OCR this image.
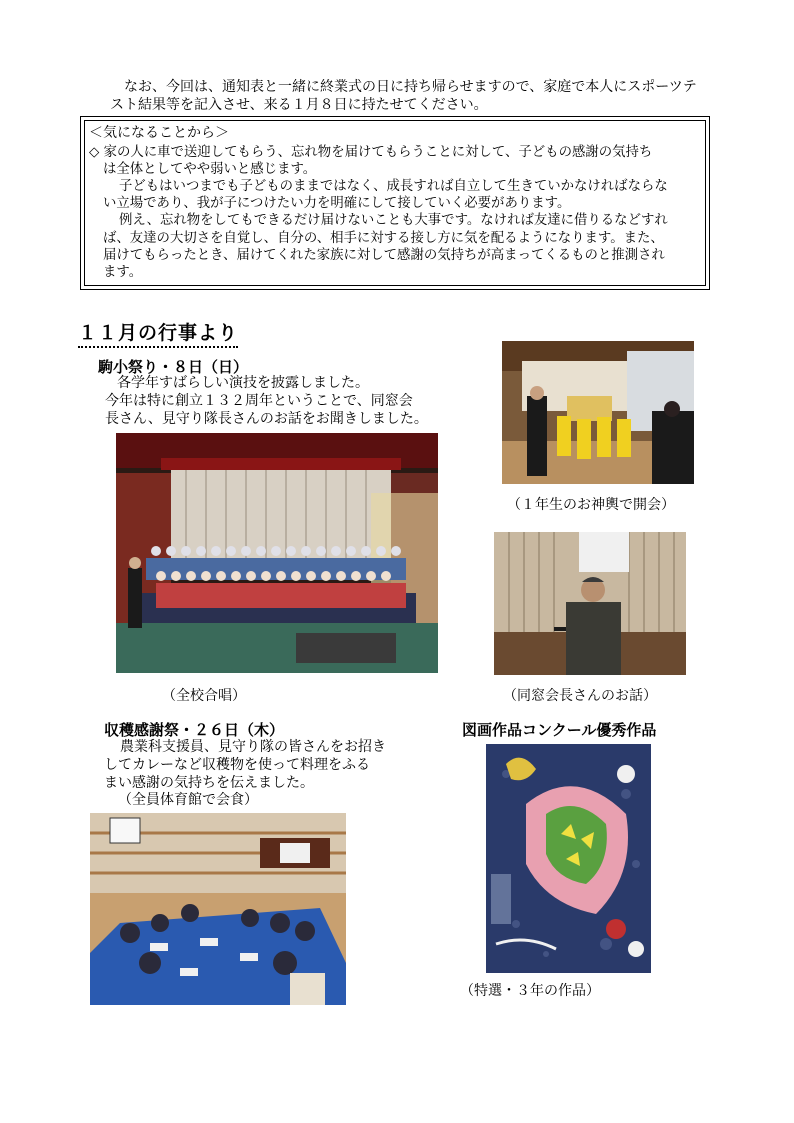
なお、今回は、通知表と一緒に終業式の日に持ち帰らせますので、家庭で本人にスポーツテ
スト結果等を記入させ、来る１月８日に持たせてください。
＜気になることから＞
◇ 家の人に車で送迎してもらう、忘れ物を届けてもらうことに対して、子どもの感謝の気持ち
は全体としてやや弱いと感じます。
子どもはいつまでも子どものままではなく、成長すれば自立して生きていかなければならな
い立場であり、我が子につけたい力を明確にして接していく必要があります。
例え、忘れ物をしてもできるだけ届けないことも大事です。なければ友達に借りるなどすれ
ば、友達の大切さを自覚し、自分の、相手に対する接し方に気を配るようになります。また、
届けてもらったとき、届けてくれた家族に対して感謝の気持ちが高まってくるものと推測され
ます。
１１月の行事より
駒小祭り・８日（日）
各学年すばらしい演技を披露しました。
今年は特に創立１３２周年ということで、同窓会
長さん、見守り隊長さんのお話をお聞きしました。
（全校合唱）
（１年生のお神輿で開会）
（同窓会長さんのお話）
収穫感謝祭・２６日（木）
農業科支援員、見守り隊の皆さんをお招き
してカレーなど収穫物を使って料理をふる
まい感謝の気持ちを伝えました。
（全員体育館で会食）
図画作品コンクール優秀作品
（特選・３年の作品）
